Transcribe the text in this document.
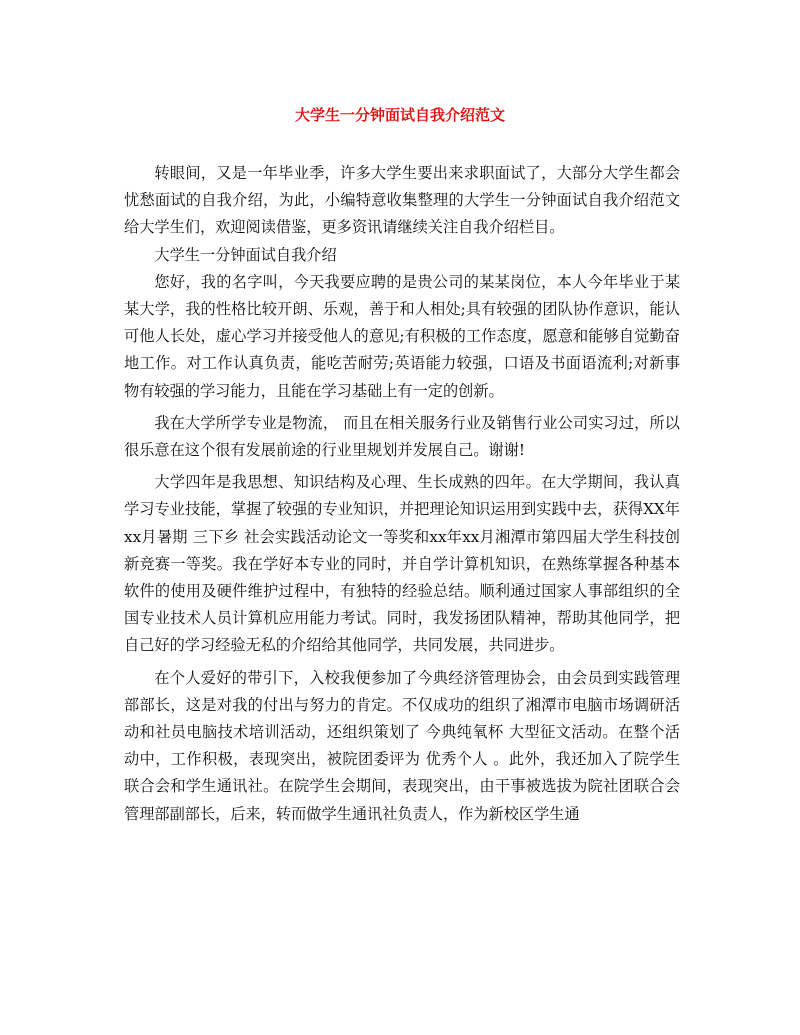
大学生一分钟面试自我介绍范文

转眼间，又是一年毕业季，许多大学生要出来求职面试了，大部分大学生都会忧愁面试的自我介绍，为此，小编特意收集整理的大学生一分钟面试自我介绍范文给大学生们，欢迎阅读借鉴，更多资讯请继续关注自我介绍栏目。

大学生一分钟面试自我介绍

您好，我的名字叫，今天我要应聘的是贵公司的某某岗位，本人今年毕业于某某大学，我的性格比较开朗、乐观，善于和人相处;具有较强的团队协作意识，能认可他人长处，虚心学习并接受他人的意见;有积极的工作态度，愿意和能够自觉勤奋地工作。对工作认真负责，能吃苦耐劳;英语能力较强，口语及书面语流利;对新事物有较强的学习能力，且能在学习基础上有一定的创新。

我在大学所学专业是物流， 而且在相关服务行业及销售行业公司实习过，所以很乐意在这个很有发展前途的行业里规划并发展自己。谢谢!

大学四年是我思想、知识结构及心理、生长成熟的四年。在大学期间，我认真学习专业技能，掌握了较强的专业知识，并把理论知识运用到实践中去，获得XX年xx月暑期 三下乡 社会实践活动论文一等奖和xx年xx月湘潭市第四届大学生科技创新竞赛一等奖。我在学好本专业的同时，并自学计算机知识，在熟练掌握各种基本软件的使用及硬件维护过程中，有独特的经验总结。顺利通过国家人事部组织的全国专业技术人员计算机应用能力考试。同时，我发扬团队精神，帮助其他同学，把自己好的学习经验无私的介绍给其他同学，共同发展，共同进步。

在个人爱好的带引下，入校我便参加了今典经济管理协会，由会员到实践管理部部长，这是对我的付出与努力的肯定。不仅成功的组织了湘潭市电脑市场调研活动和社员电脑技术培训活动，还组织策划了 今典纯氧杯 大型征文活动。在整个活动中，工作积极，表现突出，被院团委评为 优秀个人 。此外，我还加入了院学生联合会和学生通讯社。在院学生会期间，表现突出，由干事被选拔为院社团联合会管理部副部长，后来，转而做学生通讯社负责人，作为新校区学生通
